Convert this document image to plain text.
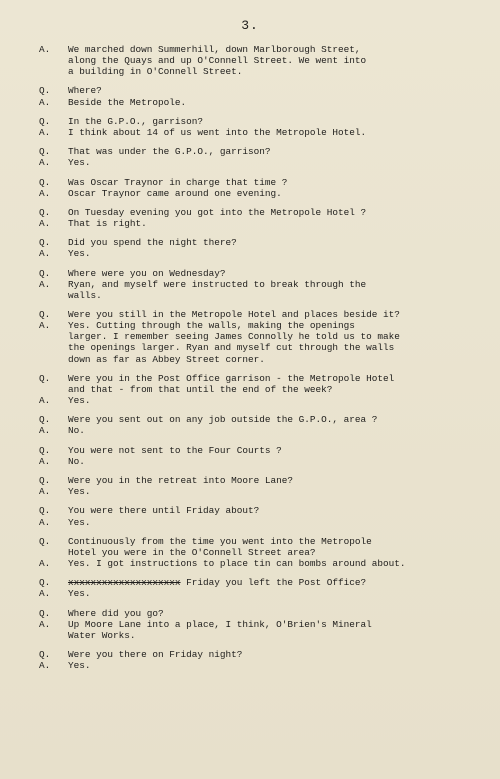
3.
A.	We marched down Summerhill, down Marlborough Street,
along the Quays and up O'Connell Street. We went into
a building in O'Connell Street.
Q.	Where?
A.	Beside the Metropole.
Q.	In the G.P.O., garrison?
A.	I think about 14 of us went into the Metropole Hotel.
Q.	That was under the G.P.O., garrison?
A.	Yes.
Q.	Was Oscar Traynor in charge that time ?
A.	Oscar Traynor came around one evening.
Q.	On Tuesday evening you got into the Metropole Hotel ?
A.	That is right.
Q.	Did you spend the night there?
A.	Yes.
Q.	Where were you on Wednesday?
A.	Ryan, and myself were instructed to break through the
walls.
Q.	Were you still in the Metropole Hotel and places beside it?
A.	Yes. Cutting through the walls, making the openings
larger. I remember seeing James Connolly he told us to make
the openings larger. Ryan and myself cut through the walls
down as far as Abbey Street corner.
Q.	Were you in the Post Office garrison - the Metropole Hotel
and that - from that until the end of the week?
A.	Yes.
Q.	Were you sent out on any job outside the G.P.O., area ?
A.	No.
Q.	You were not sent to the Four Courts ?
A.	No.
Q.	Were you in the retreat into Moore Lane?
A.	Yes.
Q.	You were there until Friday about?
A.	Yes.
Q.	Continuously from the time you went into the Metropole
Hotel you were in the O'Connell Street area?
A.	Yes. I got instructions to place tin can bombs around about.
Q.	xxxxxxxxxxxxxxxxxxxx Friday you left the Post Office?
A.	Yes.
Q.	Where did you go?
A.	Up Moore Lane into a place, I think, O'Brien's Mineral
Water Works.
Q.	Were you there on Friday night?
A.	Yes.
